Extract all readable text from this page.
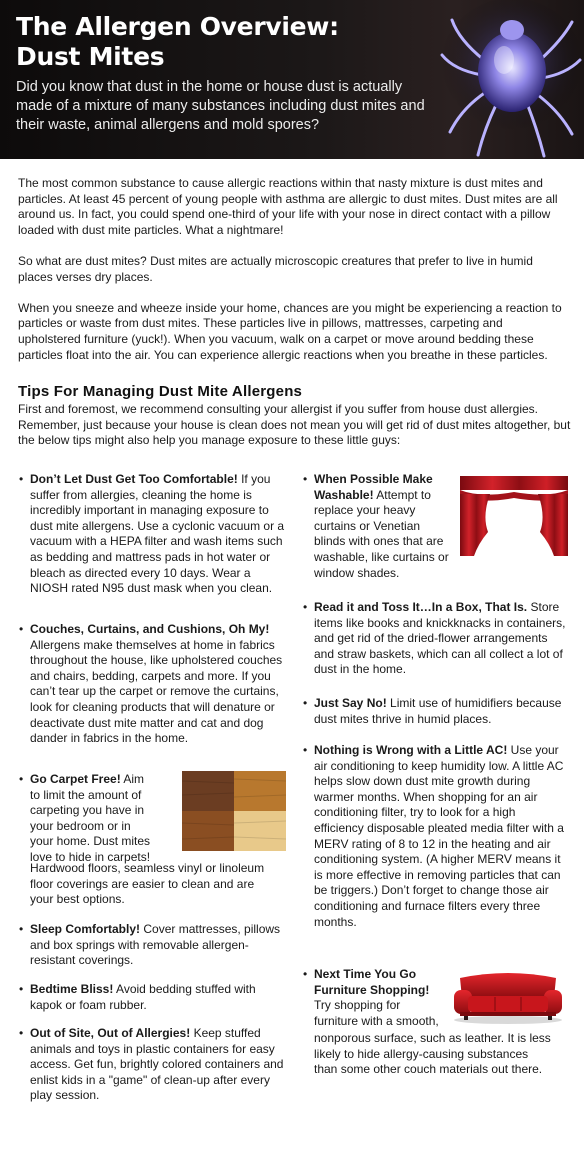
The Allergen Overview:
Dust Mites

Did you know that dust in the home or house dust is actually made of a mixture of many substances including dust mites and their waste, animal allergens and mold spores?

The most common substance to cause allergic reactions within that nasty mixture is dust mites and particles. At least 45 percent of young people with asthma are allergic to dust mites. Dust mites are all around us. In fact, you could spend one-third of your life with your nose in direct contact with a pillow loaded with dust mite particles. What a nightmare!

So what are dust mites? Dust mites are actually microscopic creatures that prefer to live in humid places verses dry places.

When you sneeze and wheeze inside your home, chances are you might be experiencing a reaction to particles or waste from dust mites. These particles live in pillows, mattresses, carpeting and upholstered furniture (yuck!). When you vacuum, walk on a carpet or move around bedding these particles float into the air. You can experience allergic reactions when you breathe in these particles.

Tips For Managing Dust Mite Allergens

First and foremost, we recommend consulting your allergist if you suffer from house dust allergies. Remember, just because your house is clean does not mean you will get rid of dust mites altogether, but the below tips might also help you manage exposure to these little guys:

• Don’t Let Dust Get Too Comfortable! If you suffer from allergies, cleaning the home is incredibly important in managing exposure to dust mite allergens. Use a cyclonic vacuum or a vacuum with a HEPA filter and wash items such as bedding and mattress pads in hot water or bleach as directed every 10 days. Wear a NIOSH rated N95 dust mask when you clean.
• Couches, Curtains, and Cushions, Oh My! Allergens make themselves at home in fabrics throughout the house, like upholstered couches and chairs, bedding, carpets and more. If you can’t tear up the carpet or remove the curtains, look for cleaning products that will denature or deactivate dust mite matter and cat and dog dander in fabrics in the home.
• Go Carpet Free! Aim to limit the amount of carpeting you have in your bedroom or in your home. Dust mites love to hide in carpets!
Hardwood floors, seamless vinyl or linoleum floor coverings are easier to clean and are your best options.
• Sleep Comfortably! Cover mattresses, pillows and box springs with removable allergen-resistant coverings.
• Bedtime Bliss! Avoid bedding stuffed with kapok or foam rubber.
• Out of Site, Out of Allergies! Keep stuffed animals and toys in plastic containers for easy access. Get fun, brightly colored containers and enlist kids in a "game" of clean-up after every play session.
• When Possible Make Washable! Attempt to replace your heavy curtains or Venetian blinds with ones that are washable, like curtains or window shades.
• Read it and Toss It…In a Box, That Is. Store items like books and knickknacks in containers, and get rid of the dried-flower arrangements and straw baskets, which can all collect a lot of dust in the home.
• Just Say No! Limit use of humidifiers because dust mites thrive in humid places.
• Nothing is Wrong with a Little AC! Use your air conditioning to keep humidity low. A little AC helps slow down dust mite growth during warmer months. When shopping for an air conditioning filter, try to look for a high efficiency disposable pleated media filter with a MERV rating of 8 to 12 in the heating and air conditioning system. (A higher MERV means it is more effective in removing particles that can be triggers.) Don’t forget to change those air conditioning and furnace filters every three months.
• Next Time You Go Furniture Shopping! Try shopping for furniture with a smooth,
nonporous surface, such as leather. It is less likely to hide allergy-causing substances than some other couch materials out there.
